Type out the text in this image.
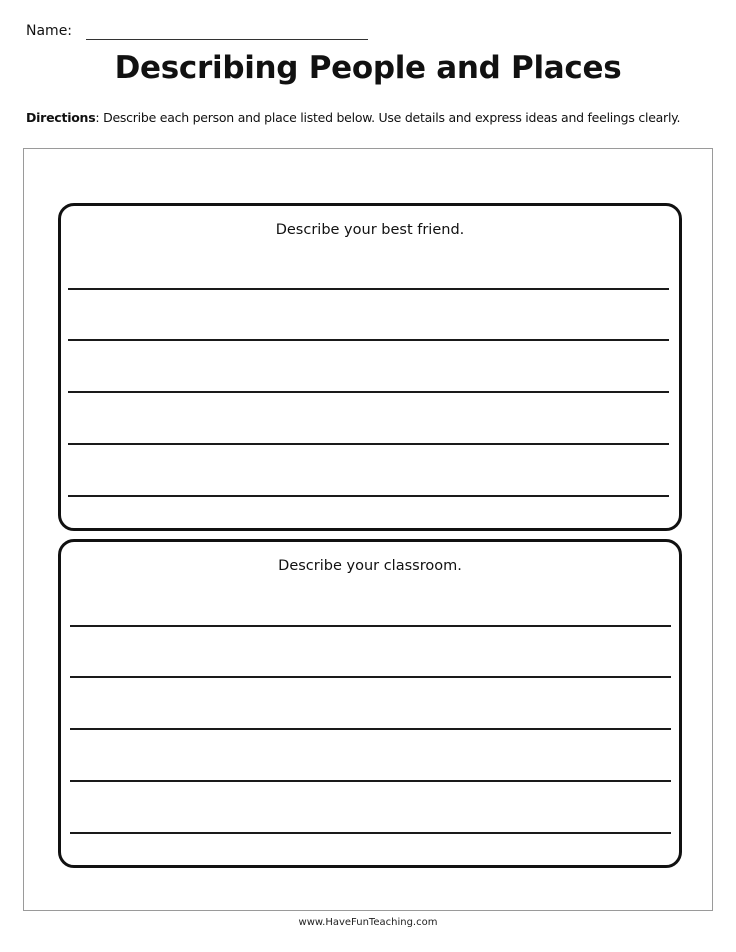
Name:
Describing People and Places
Directions: Describe each person and place listed below. Use details and express ideas and feelings clearly.
Describe your best friend.
Describe your classroom.
www.HaveFunTeaching.com
